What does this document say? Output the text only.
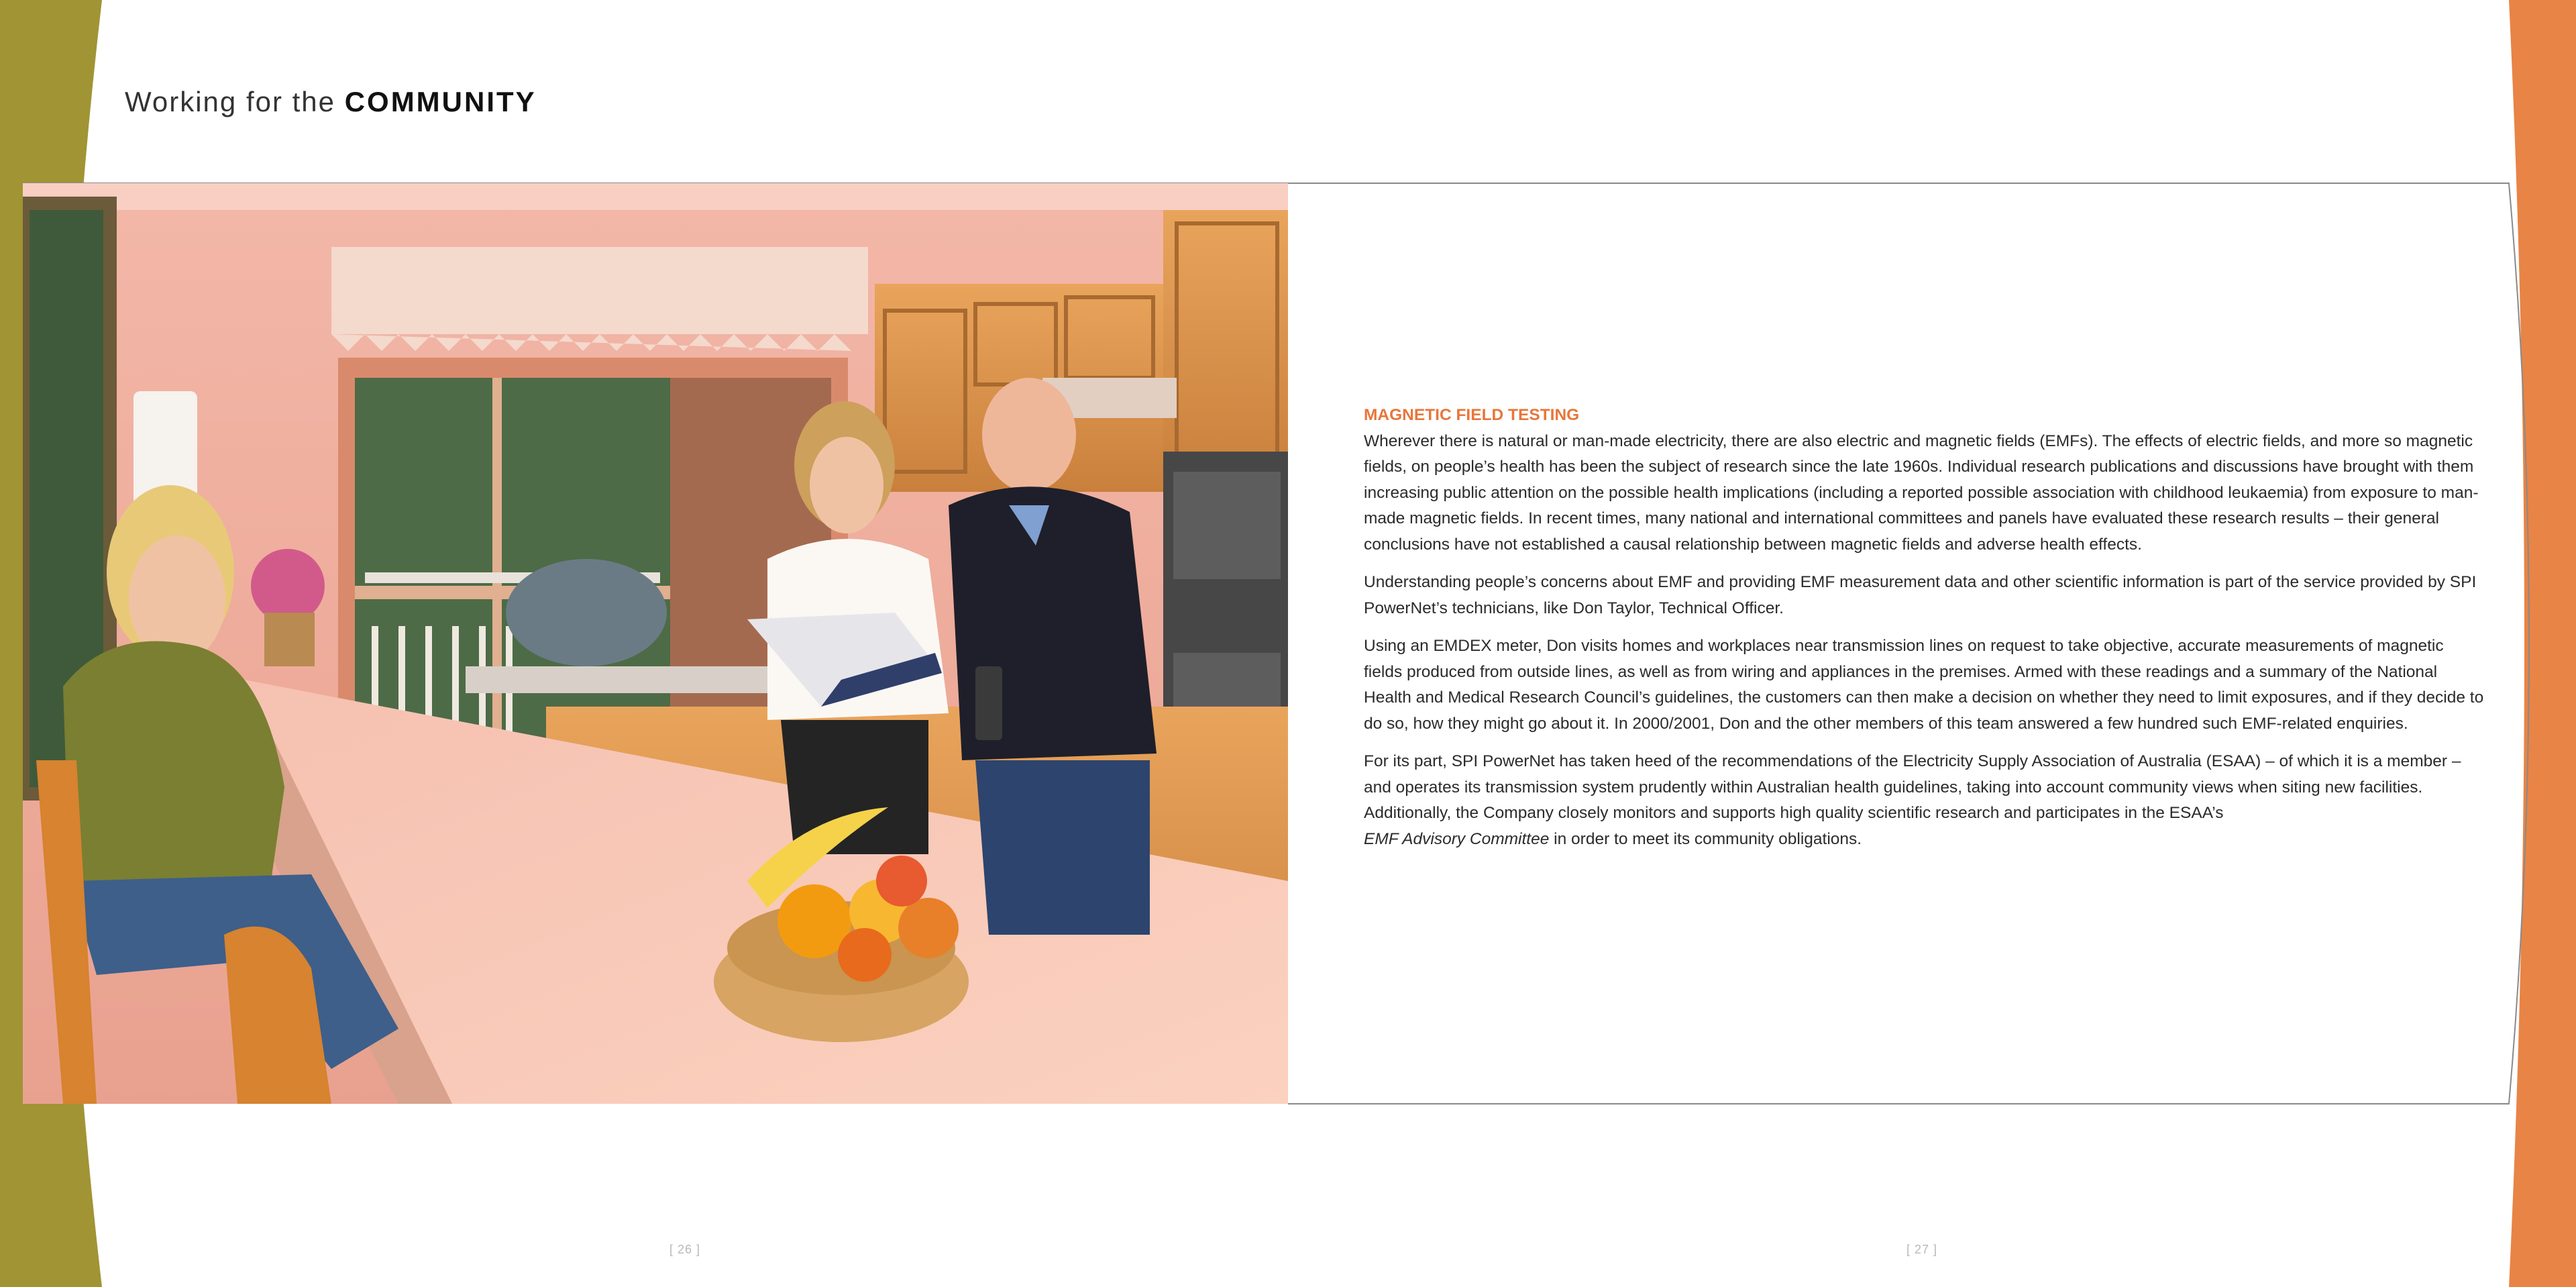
Working for the COMMUNITY
MAGNETIC FIELD TESTING

Wherever there is natural or man-made electricity, there are also electric and magnetic fields (EMFs). The effects of electric fields, and more so magnetic fields, on people’s health has been the subject of research since the late 1960s. Individual research publications and discussions have brought with them increasing public attention on the possible health implications (including a reported possible association with childhood leukaemia) from exposure to man-made magnetic fields. In recent times, many national and international committees and panels have evaluated these research results – their general conclusions have not established a causal relationship between magnetic fields and adverse health effects.

Understanding people’s concerns about EMF and providing EMF measurement data and other scientific information is part of the service provided by SPI PowerNet’s technicians, like Don Taylor, Technical Officer.

Using an EMDEX meter, Don visits homes and workplaces near transmission lines on request to take objective, accurate measurements of magnetic fields produced from outside lines, as well as from wiring and appliances in the premises. Armed with these readings and a summary of the National Health and Medical Research Council’s guidelines, the customers can then make a decision on whether they need to limit exposures, and if they decide to do so, how they might go about it. In 2000/2001, Don and the other members of this team answered a few hundred such EMF-related enquiries.

For its part, SPI PowerNet has taken heed of the recommendations of the Electricity Supply Association of Australia (ESAA) – of which it is a member – and operates its transmission system prudently within Australian health guidelines, taking into account community views when siting new facilities. Additionally, the Company closely monitors and supports high quality scientific research and participates in the ESAA’s
EMF Advisory Committee in order to meet its community obligations.

[ 26 ]	[ 27 ]
